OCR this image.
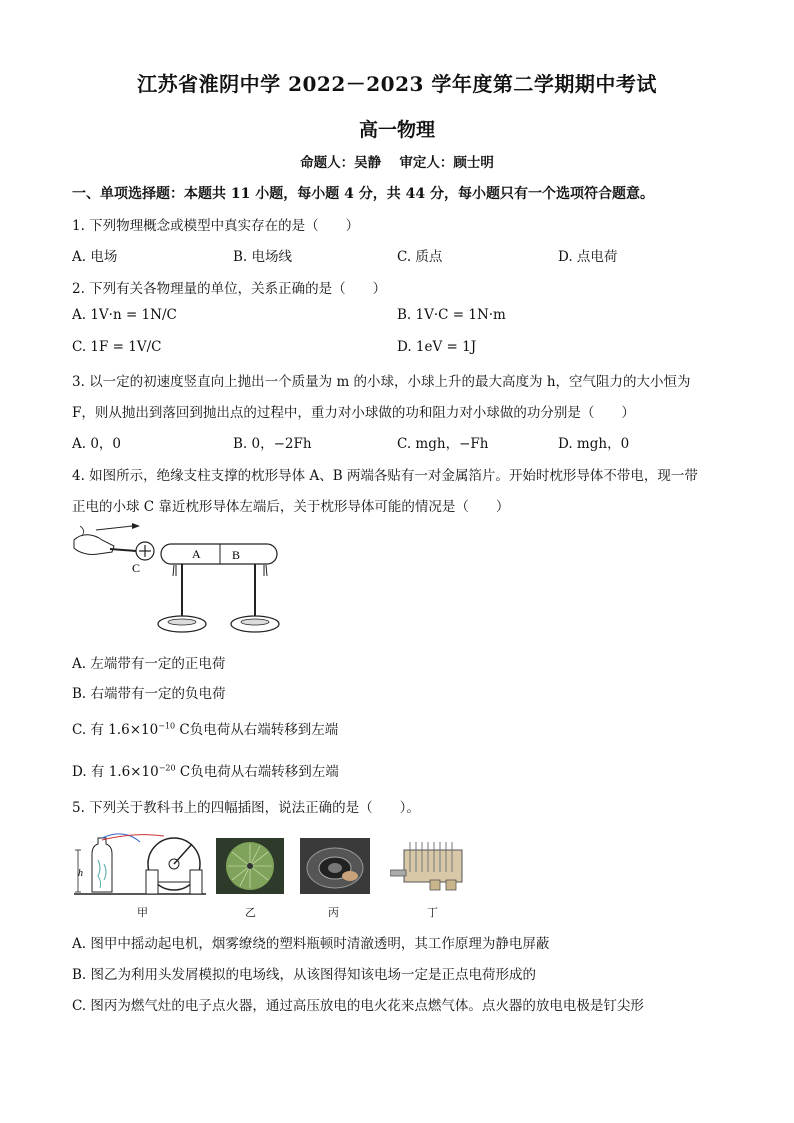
江苏省淮阴中学 2022－2023 学年度第二学期期中考试
高一物理
命题人：吴静　 审定人：顾士明
一、单项选择题：本题共 11 小题，每小题 4 分，共 44 分，每小题只有一个选项符合题意。
1. 下列物理概念或模型中真实存在的是（　　）
A. 电场	B. 电场线	C. 质点	D. 点电荷
2. 下列有关各物理量的单位，关系正确的是（　　）
A. 1V·n = 1N/C	B. 1V·C = 1N·m
C. 1F = 1V/C	D. 1eV = 1J
3. 以一定的初速度竖直向上抛出一个质量为 m 的小球，小球上升的最大高度为 h，空气阻力的大小恒为
F，则从抛出到落回到抛出点的过程中，重力对小球做的功和阻力对小球做的功分别是（　　）
A. 0，0	B. 0，−2Fh	C. mgh，−Fh	D. mgh，0
4. 如图所示，绝缘支柱支撑的枕形导体 A、B 两端各贴有一对金属箔片。开始时枕形导体不带电，现一带
正电的小球 C 靠近枕形导体左端后，关于枕形导体可能的情况是（　　）
A	B
C
A. 左端带有一定的正电荷
B. 右端带有一定的负电荷
C. 有 $1.6\times 10^{-10}$ C负电荷从右端转移到左端
D. 有 $1.6\times 10^{-20}$ C负电荷从右端转移到左端
5. 下列关于教科书上的四幅插图，说法正确的是（　　）。
h
甲	乙	丙	丁
A. 图甲中摇动起电机，烟雾缭绕的塑料瓶顿时清澈透明，其工作原理为静电屏蔽
B. 图乙为利用头发屑模拟的电场线，从该图得知该电场一定是正点电荷形成的
C. 图丙为燃气灶的电子点火器，通过高压放电的电火花来点燃气体。点火器的放电电极是钉尖形
